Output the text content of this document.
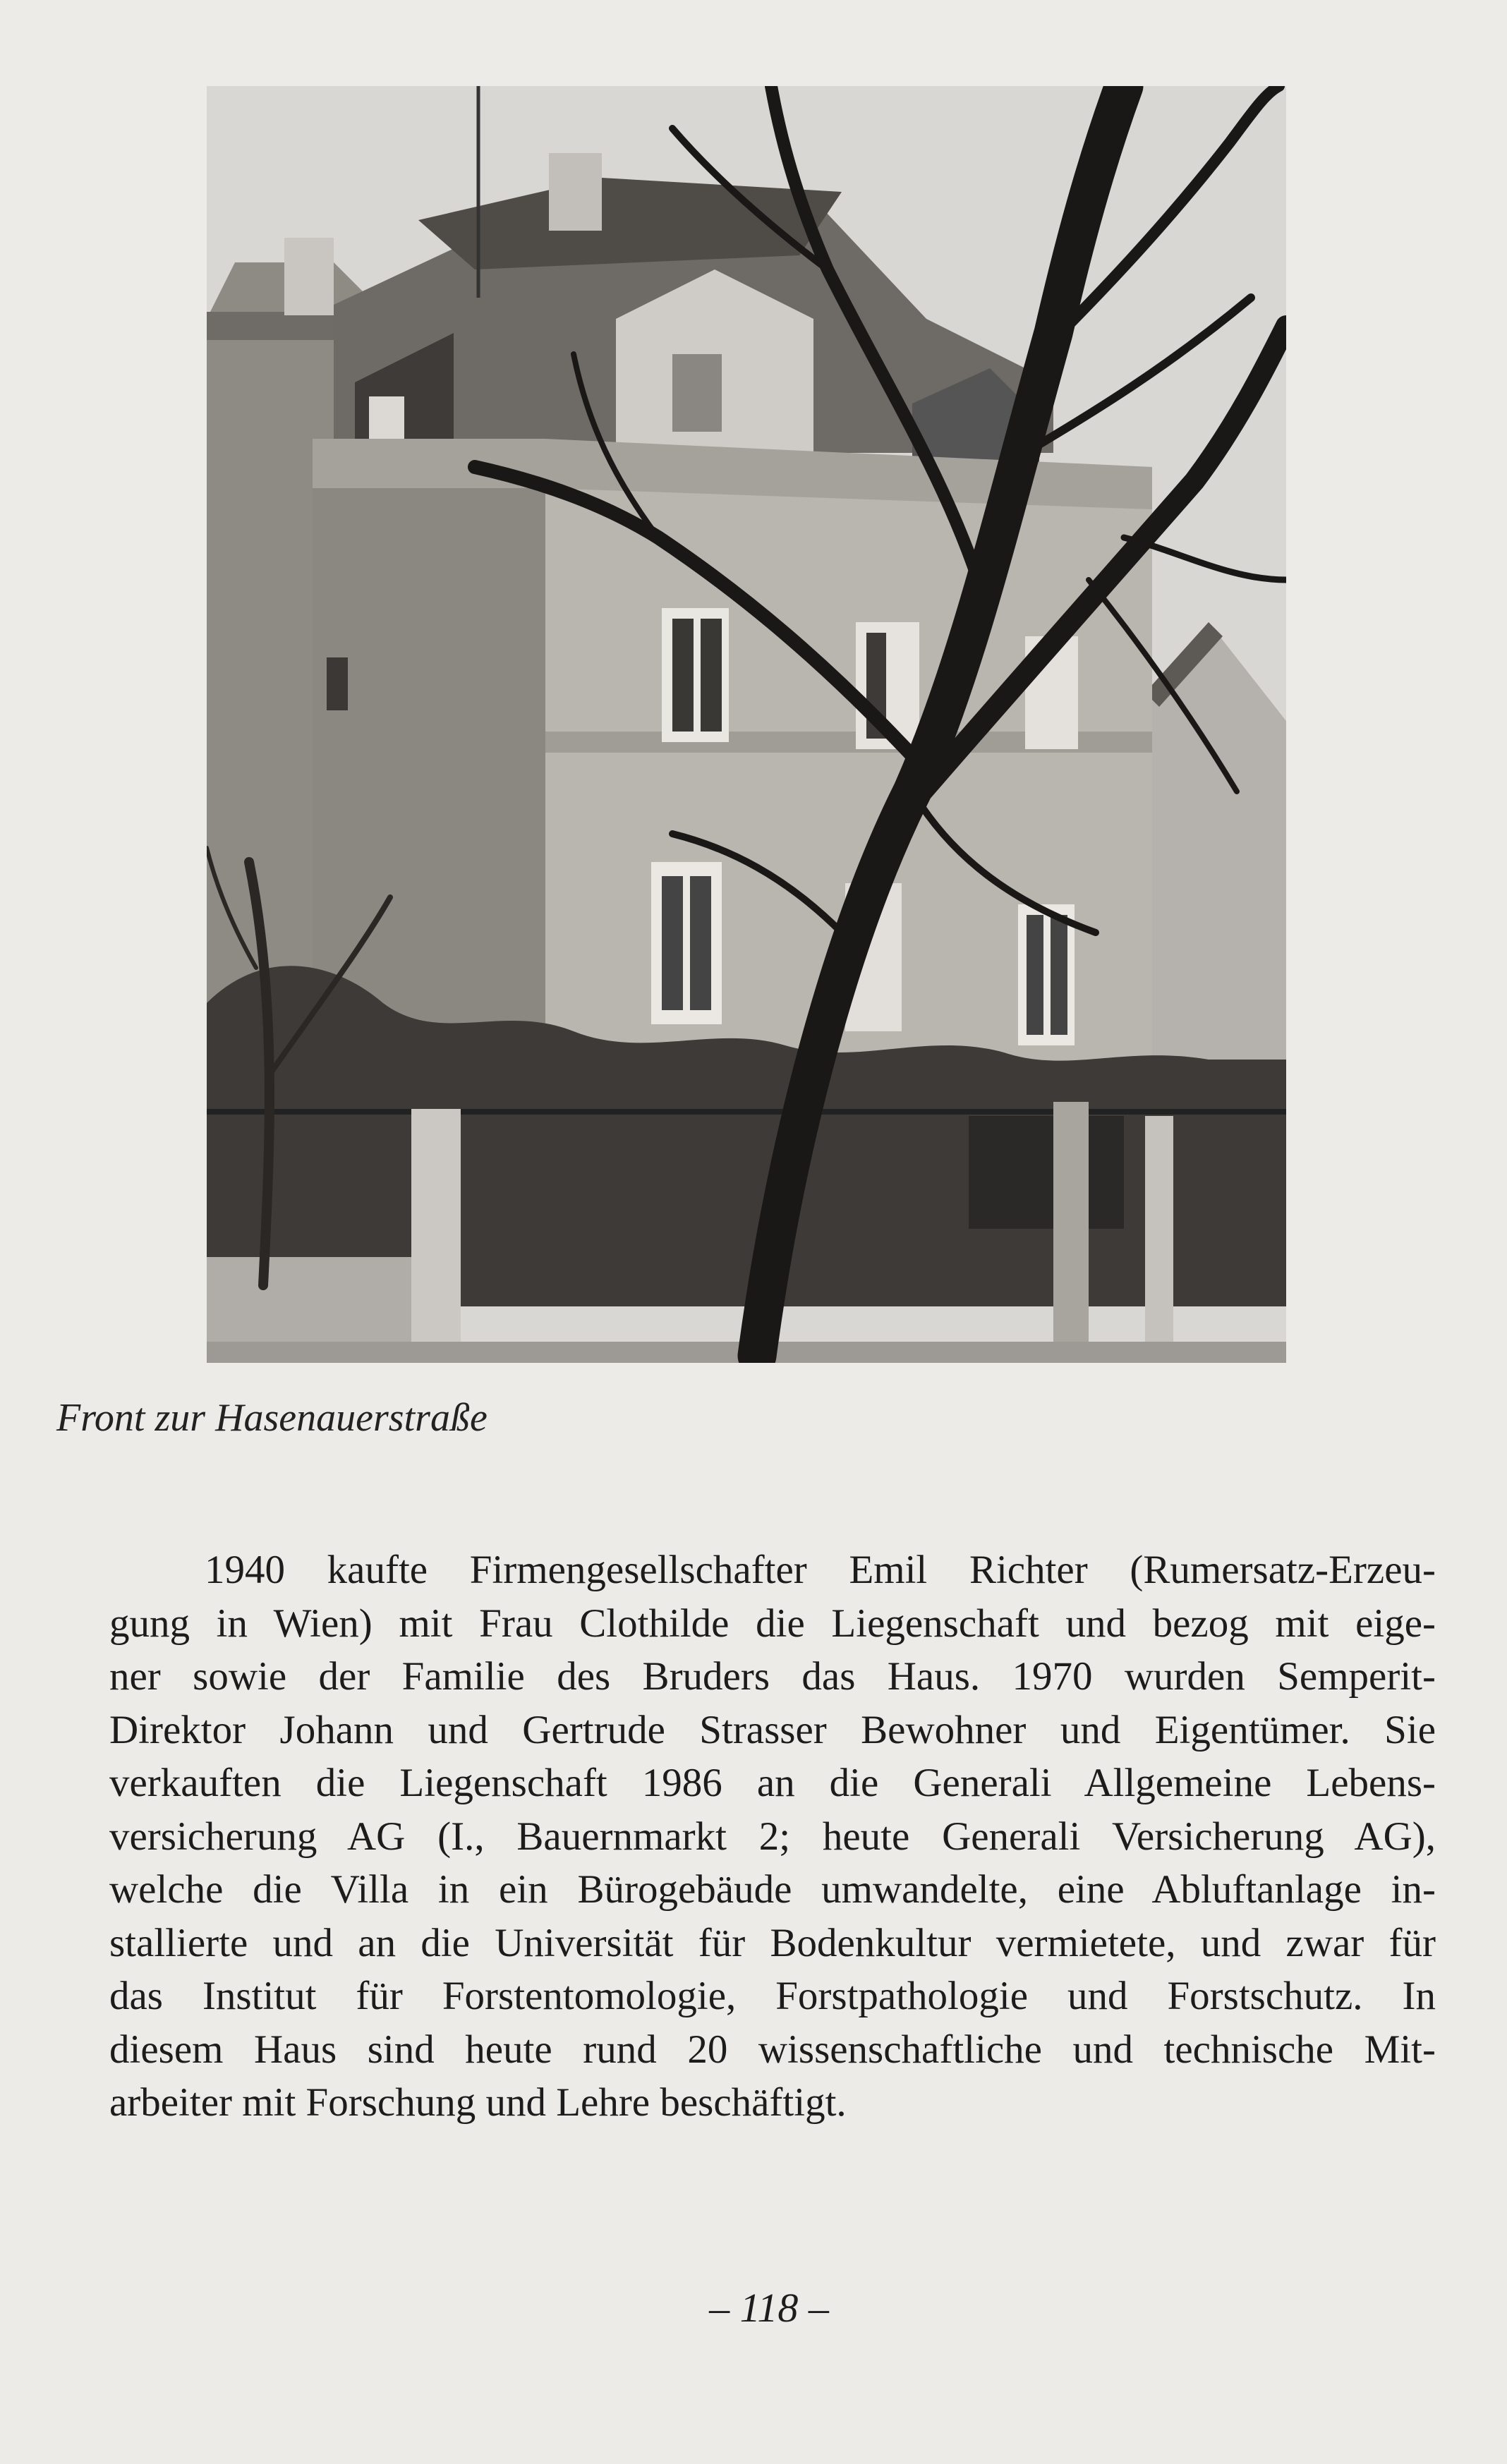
Front zur Hasenauerstraße
1940 kaufte Firmengesellschafter Emil Richter (Rumersatz-Erzeu-
gung in Wien) mit Frau Clothilde die Liegenschaft und bezog mit eige-
ner sowie der Familie des Bruders das Haus. 1970 wurden Semperit-
Direktor Johann und Gertrude Strasser Bewohner und Eigentümer. Sie
verkauften die Liegenschaft 1986 an die Generali Allgemeine Lebens-
versicherung AG (I., Bauernmarkt 2; heute Generali Versicherung AG),
welche die Villa in ein Bürogebäude umwandelte, eine Abluftanlage in-
stallierte und an die Universität für Bodenkultur vermietete, und zwar für
das Institut für Forstentomologie, Forstpathologie und Forstschutz. In
diesem Haus sind heute rund 20 wissenschaftliche und technische Mit-
arbeiter mit Forschung und Lehre beschäftigt.
– 118 –
